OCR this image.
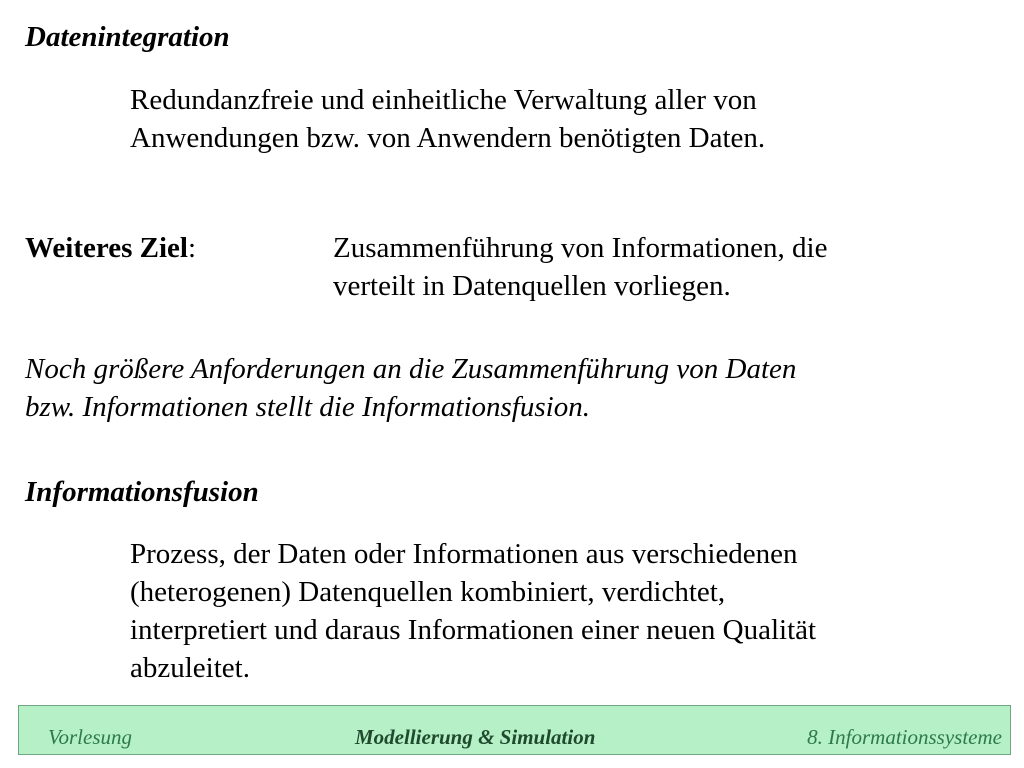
Datenintegration
Redundanzfreie und einheitliche Verwaltung aller von
Anwendungen bzw. von Anwendern benötigten Daten.
Weiteres Ziel:	Zusammenführung von Informationen, die
verteilt in Datenquellen vorliegen.
Noch größere Anforderungen an die Zusammenführung von Daten
bzw. Informationen stellt die Informationsfusion.
Informationsfusion
Prozess, der Daten oder Informationen aus verschiedenen
(heterogenen) Datenquellen kombiniert, verdichtet,
interpretiert und daraus Informationen einer neuen Qualität
abzuleitet.
Vorlesung	Modellierung & Simulation	8. Informationssysteme
